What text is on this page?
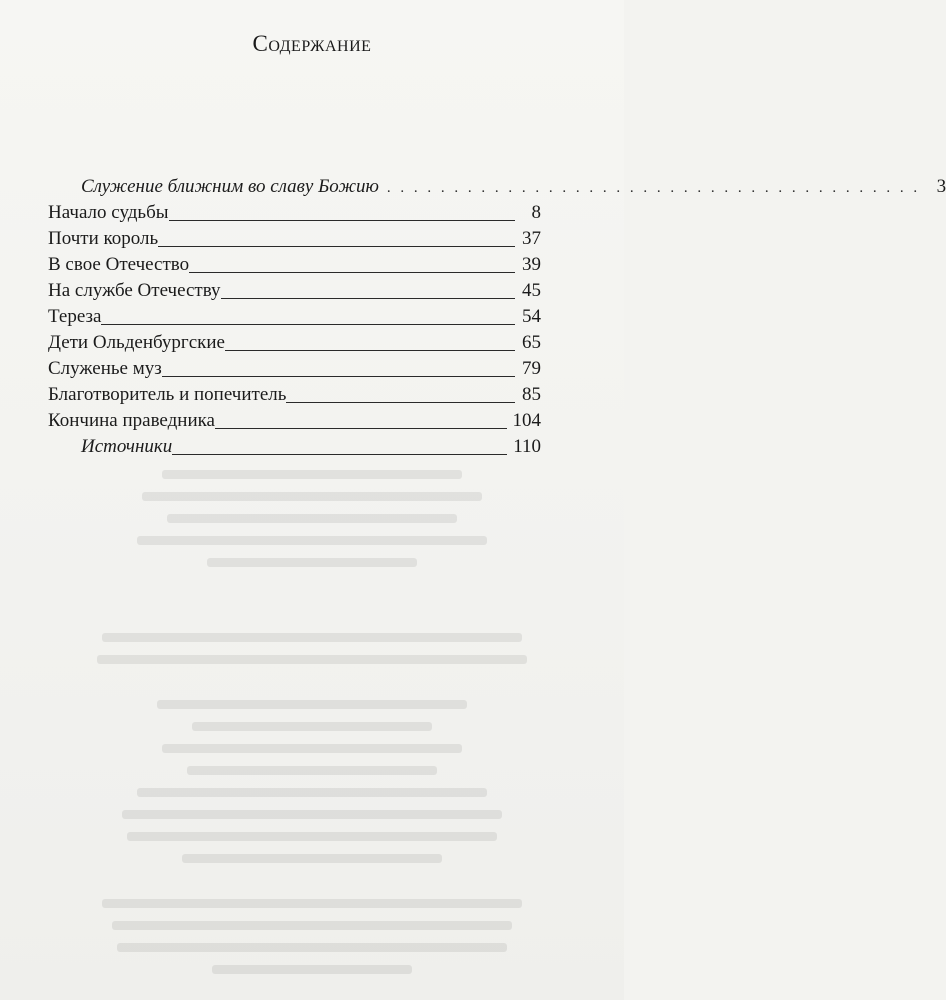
Содержание
Служение ближним во славу Божию . . . . . . . . . . . . . . . . . . . . . . . . . . . . . . . . . . . . . . . . 3
Начало судьбы	8
Почти король	37
В свое Отечество	39
На службе Отечеству	45
Тереза	54
Дети Ольденбургские	65
Служенье муз	79
Благотворитель и попечитель	85
Кончина праведника	104
Источники	110
